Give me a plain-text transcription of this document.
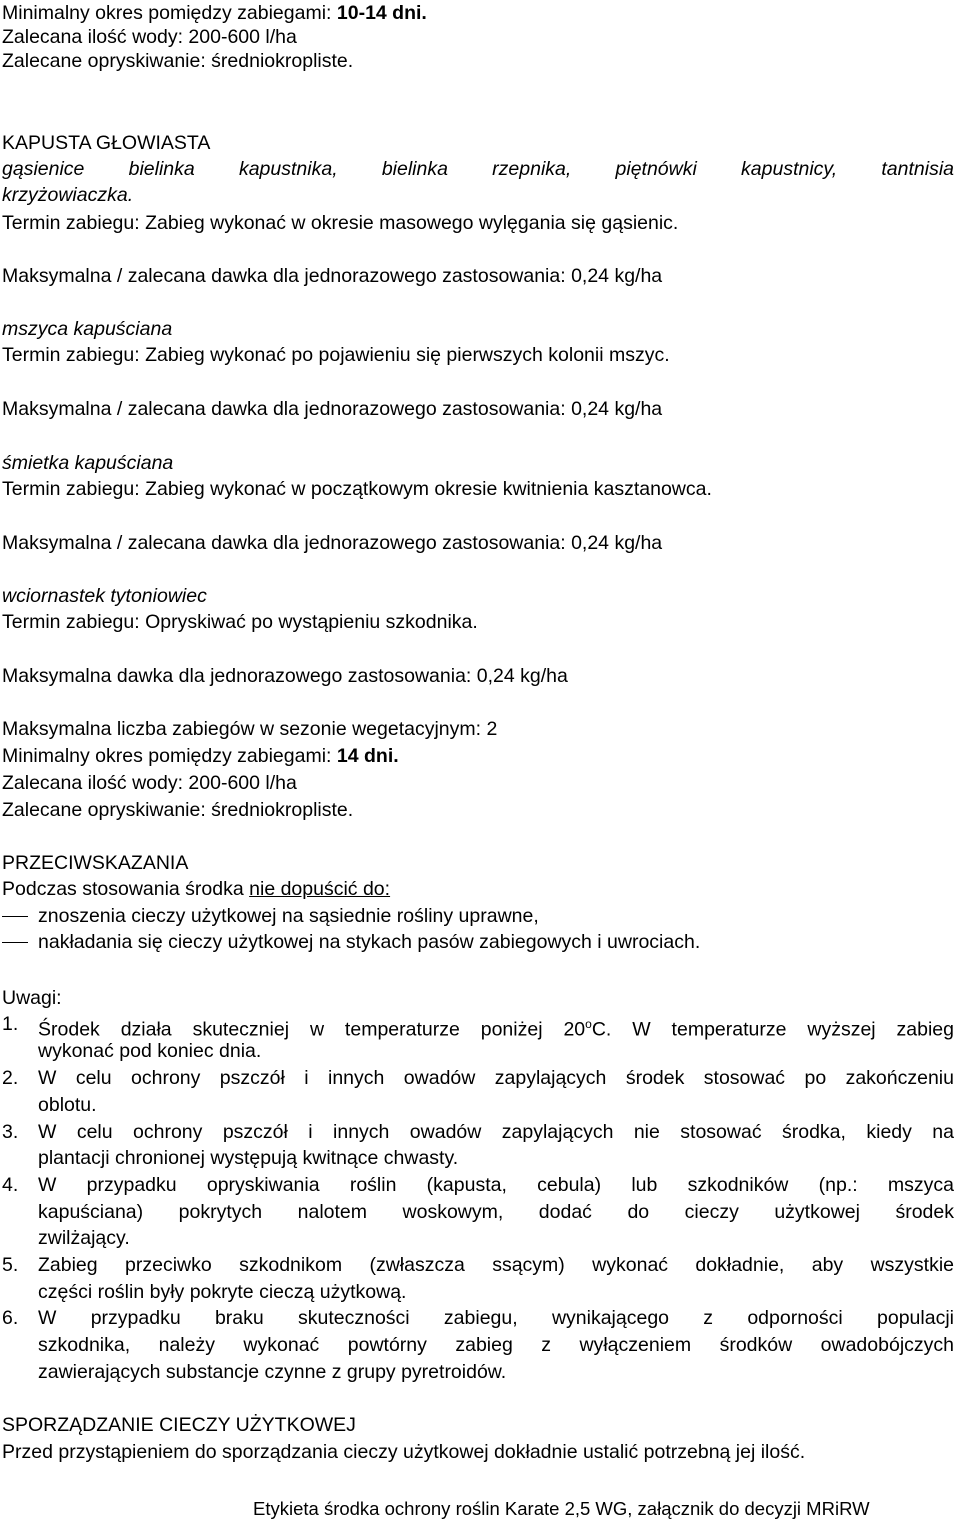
Minimalny okres pomiędzy zabiegami: 10-14 dni.
Zalecana ilość wody: 200-600 l/ha
Zalecane opryskiwanie: średniokropliste.
KAPUSTA GŁOWIASTA
gąsienice bielinka kapustnika, bielinka rzepnika, piętnówki kapustnicy, tantnisia
krzyżowiaczka.
Termin zabiegu: Zabieg wykonać w okresie masowego wylęgania się gąsienic.
Maksymalna / zalecana dawka dla jednorazowego zastosowania: 0,24 kg/ha
mszyca kapuściana
Termin zabiegu: Zabieg wykonać po pojawieniu się pierwszych kolonii mszyc.
Maksymalna / zalecana dawka dla jednorazowego zastosowania: 0,24 kg/ha
śmietka kapuściana
Termin zabiegu: Zabieg wykonać w początkowym okresie kwitnienia kasztanowca.
Maksymalna / zalecana dawka dla jednorazowego zastosowania: 0,24 kg/ha
wciornastek tytoniowiec
Termin zabiegu: Opryskiwać po wystąpieniu szkodnika.
Maksymalna dawka dla jednorazowego zastosowania: 0,24 kg/ha
Maksymalna liczba zabiegów w sezonie wegetacyjnym: 2
Minimalny okres pomiędzy zabiegami: 14 dni.
Zalecana ilość wody: 200-600 l/ha
Zalecane opryskiwanie: średniokropliste.
PRZECIWSKAZANIA
Podczas stosowania środka nie dopuścić do:
znoszenia cieczy użytkowej na sąsiednie rośliny uprawne,
nakładania się cieczy użytkowej na stykach pasów zabiegowych i uwrociach.
Uwagi:
1. Środek działa skuteczniej w temperaturze poniżej 20$^o$C. W temperaturze wyższej zabieg
wykonać pod koniec dnia.
2. W celu ochrony pszczół i innych owadów zapylających środek stosować po zakończeniu
oblotu.
3. W celu ochrony pszczół i innych owadów zapylających nie stosować środka, kiedy na
plantacji chronionej występują kwitnące chwasty.
4. W przypadku opryskiwania roślin (kapusta, cebula) lub szkodników (np.: mszyca
kapuściana) pokrytych nalotem woskowym, dodać do cieczy użytkowej środek
zwilżający.
5. Zabieg przeciwko szkodnikom (zwłaszcza ssącym) wykonać dokładnie, aby wszystkie
części roślin były pokryte cieczą użytkową.
6. W przypadku braku skuteczności zabiegu, wynikającego z odporności populacji
szkodnika, należy wykonać powtórny zabieg z wyłączeniem środków owadobójczych
zawierających substancje czynne z grupy pyretroidów.
SPORZĄDZANIE CIECZY UŻYTKOWEJ
Przed przystąpieniem do sporządzania cieczy użytkowej dokładnie ustalić potrzebną jej ilość.
Etykieta środka ochrony roślin Karate 2,5 WG, załącznik do decyzji MRiRW
